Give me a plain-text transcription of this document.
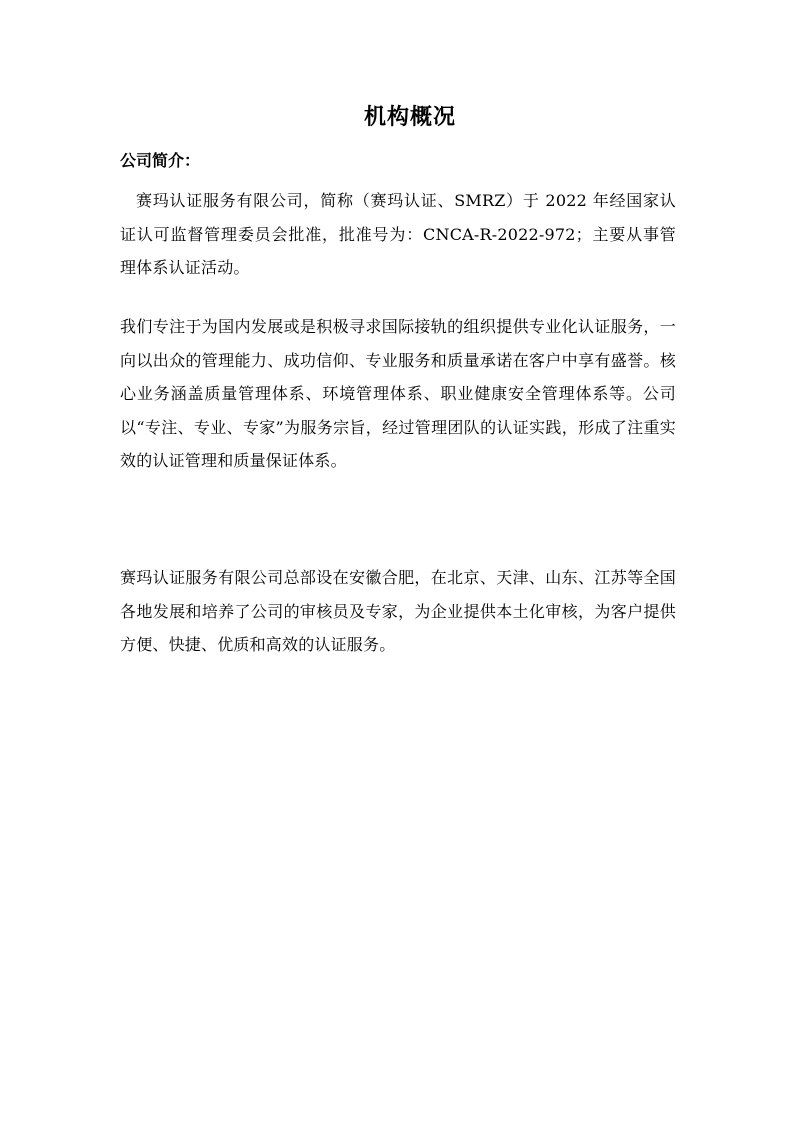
机构概况
公司简介：
赛玛认证服务有限公司，简称（赛玛认证、SMRZ）于 2022 年经国家认证认可监督管理委员会批准，批准号为：CNCA-R-2022-972；主要从事管理体系认证活动。
我们专注于为国内发展或是积极寻求国际接轨的组织提供专业化认证服务，一向以出众的管理能力、成功信仰、专业服务和质量承诺在客户中享有盛誉。核心业务涵盖质量管理体系、环境管理体系、职业健康安全管理体系等。公司以“专注、专业、专家”为服务宗旨，经过管理团队的认证实践，形成了注重实效的认证管理和质量保证体系。
赛玛认证服务有限公司总部设在安徽合肥，在北京、天津、山东、江苏等全国各地发展和培养了公司的审核员及专家，为企业提供本土化审核，为客户提供方便、快捷、优质和高效的认证服务。
